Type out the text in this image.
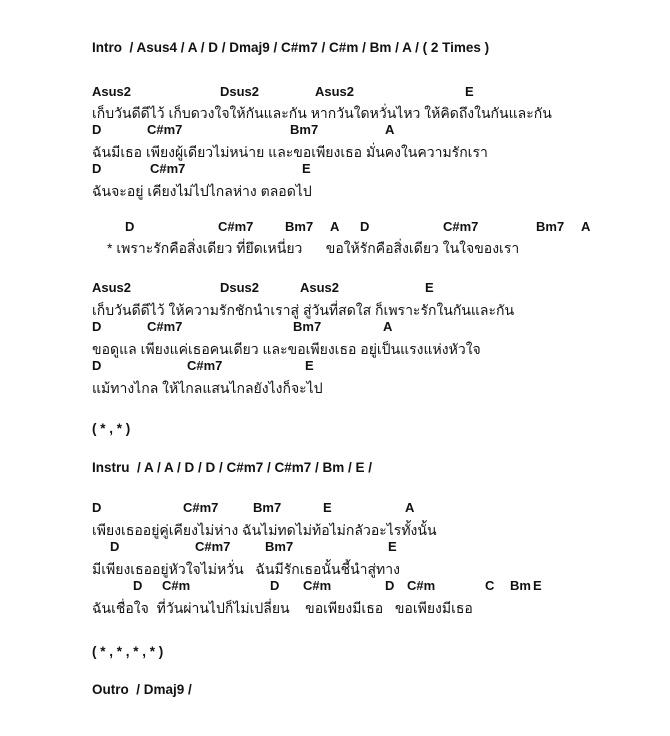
Intro  / Asus4 / A / D / Dmaj9 / C#m7 / C#m / Bm / A / ( 2 Times )

Asus2

	Dsus2

	Asus2

	E

เก็บวันดีดีไว้ เก็บดวงใจให้กันและกัน หากวันใดหวั่นไหว ให้คิดถึงในกันและกัน

D

	C#m7

	Bm7

	A

ฉันมีเธอ เพียงผู้เดียวไม่หน่าย และขอเพียงเธอ มั่นคงในความรักเรา

D

	C#m7

	E

ฉันจะอยู่ เคียงไม่ไปไกลห่าง ตลอดไป

D

	C#m7

Bm7

A

D

	C#m7

	Bm7

A

* เพราะรักคือสิ่งเดียว ที่ยึดเหนี่ยว      ขอให้รักคือสิ่งเดียว ในใจของเรา

Asus2

	Dsus2

	Asus2

	E

เก็บวันดีดีไว้ ให้ความรักชักนำเราสู่ สู่วันที่สดใส ก็เพราะรักในกันและกัน

D

	C#m7

	Bm7

	A

ขอดูแล เพียงแค่เธอคนเดียว และขอเพียงเธอ อยู่เป็นแรงแห่งหัวใจ

D

	C#m7

	E

แม้ทางไกล ให้ไกลแสนไกลยังไงก็จะไป
( * , * )
Instru  / A / A / D / D / C#m7 / C#m7 / Bm / E /

D

	C#m7

	Bm7

	E

	A

เพียงเธออยู่คู่เคียงไม่ห่าง ฉันไม่ทดไม่ท้อไม่กลัวอะไรทั้งนั้น

D

	C#m7

	Bm7

	E

มีเพียงเธออยู่หัวใจไม่หวั่น   ฉันมีรักเธอนั้นชี้นำสู่ทาง

D

C#m

	D

C#m

	D

C#m

	C

Bm

E

ฉันเชื่อใจ  ที่วันผ่านไปก็ไม่เปลี่ยน    ขอเพียงมีเธอ   ขอเพียงมีเธอ
( * , * , * , * )
Outro  / Dmaj9 /
